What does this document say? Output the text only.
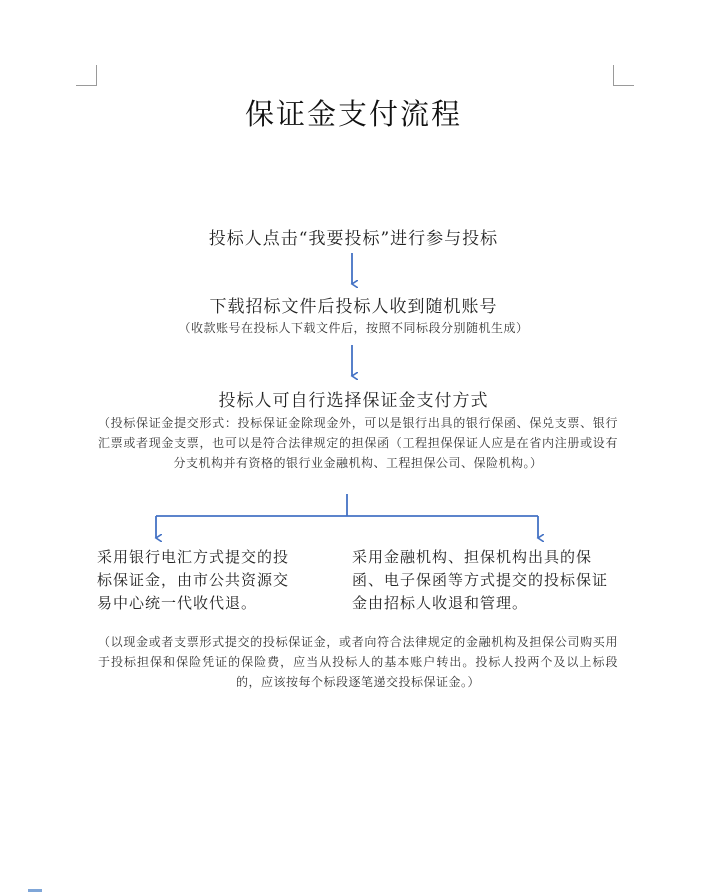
保证金支付流程
投标人点击“我要投标”进行参与投标
下载招标文件后投标人收到随机账号
（收款账号在投标人下载文件后，按照不同标段分别随机生成）
投标人可自行选择保证金支付方式
（投标保证金提交形式：投标保证金除现金外，可以是银行出具的银行保函、保兑支票、银行汇票或者现金支票，也可以是符合法律规定的担保函（工程担保保证人应是在省内注册或设有分支机构并有资格的银行业金融机构、工程担保公司、保险机构。）
采用银行电汇方式提交的投标保证金，由市公共资源交易中心统一代收代退。
采用金融机构、担保机构出具的保函、电子保函等方式提交的投标保证金由招标人收退和管理。
（以现金或者支票形式提交的投标保证金，或者向符合法律规定的金融机构及担保公司购买用于投标担保和保险凭证的保险费，应当从投标人的基本账户转出。投标人投两个及以上标段的，应该按每个标段逐笔递交投标保证金。）
